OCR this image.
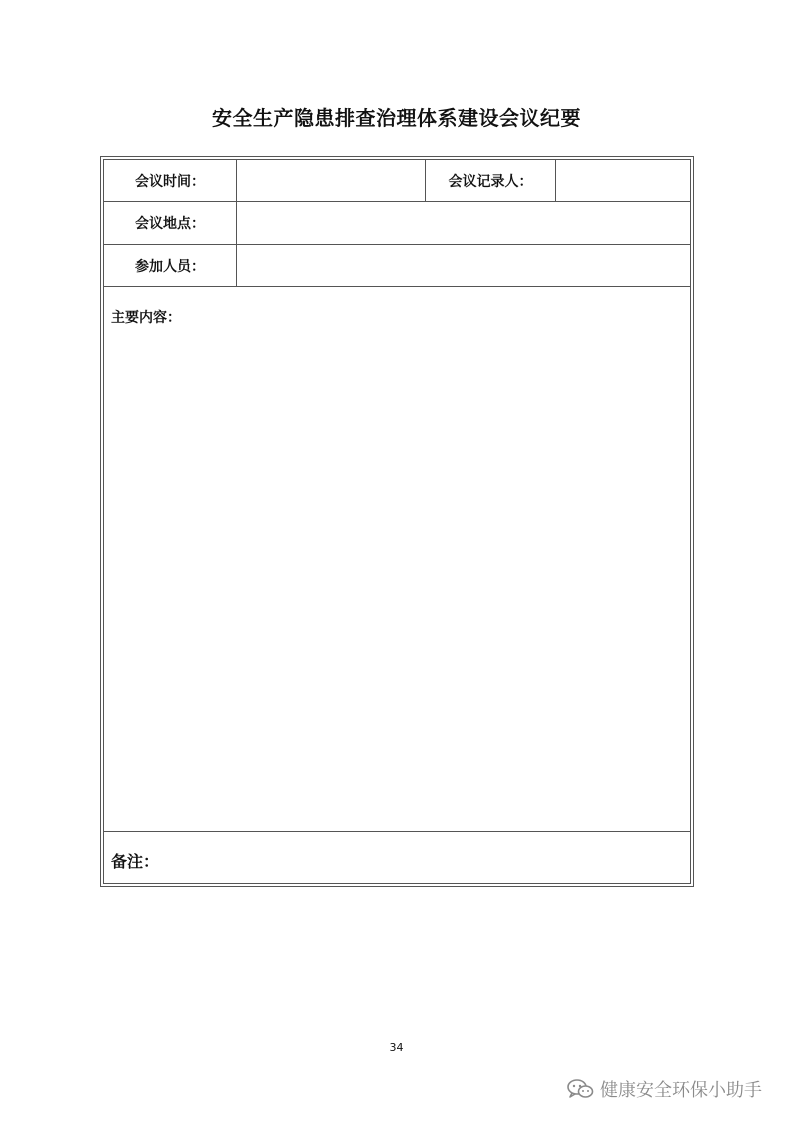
安全生产隐患排查治理体系建设会议纪要
会议时间：	会议记录人：
会议地点：
参加人员：
主要内容：
备注：
34
健康安全环保小助手
